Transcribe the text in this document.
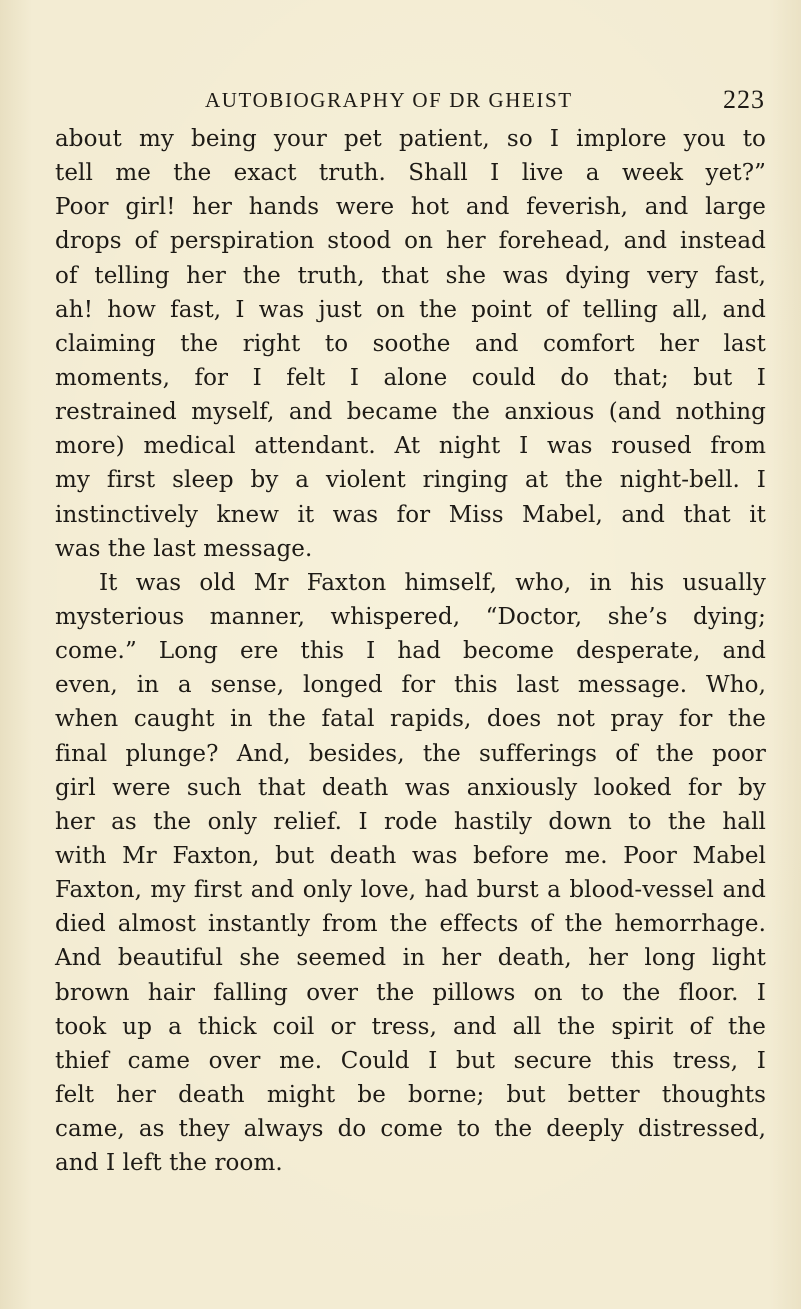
AUTOBIOGRAPHY OF DR GHEIST	223
about my being your pet patient, so I implore you to
tell me the exact truth. Shall I live a week yet?”
Poor girl! her hands were hot and feverish, and large
drops of perspiration stood on her forehead, and instead
of telling her the truth, that she was dying very fast,
ah! how fast, I was just on the point of telling all, and
claiming the right to soothe and comfort her last
moments, for I felt I alone could do that; but I
restrained myself, and became the anxious (and nothing
more) medical attendant. At night I was roused from
my first sleep by a violent ringing at the night-bell. I
instinctively knew it was for Miss Mabel, and that it
was the last message.
It was old Mr Faxton himself, who, in his usually
mysterious manner, whispered, “Doctor, she’s dying;
come.” Long ere this I had become desperate, and
even, in a sense, longed for this last message. Who,
when caught in the fatal rapids, does not pray for the
final plunge? And, besides, the sufferings of the poor
girl were such that death was anxiously looked for by
her as the only relief. I rode hastily down to the hall
with Mr Faxton, but death was before me. Poor Mabel
Faxton, my first and only love, had burst a blood-vessel and
died almost instantly from the effects of the hemorrhage.
And beautiful she seemed in her death, her long light
brown hair falling over the pillows on to the floor. I
took up a thick coil or tress, and all the spirit of the
thief came over me. Could I but secure this tress, I
felt her death might be borne; but better thoughts
came, as they always do come to the deeply distressed,
and I left the room.
